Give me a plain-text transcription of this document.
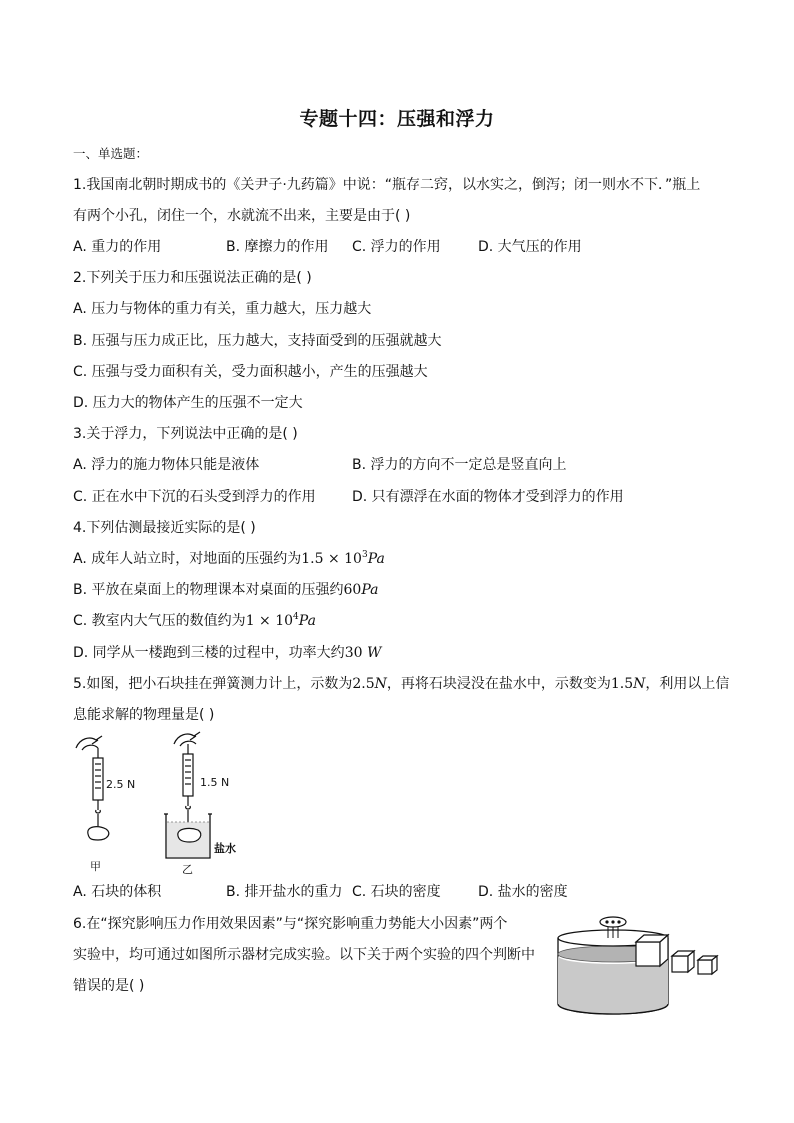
专题十四：压强和浮力
一、单选题：
1.我国南北朝时期成书的《关尹子·九药篇》中说：“瓶存二窍，以水实之，倒泻；闭一则水不下．”瓶上
有两个小孔，闭住一个，水就流不出来，主要是由于( )
A. 重力的作用	B. 摩擦力的作用 C. 浮力的作用	D. 大气压的作用
2.下列关于压力和压强说法正确的是( )
A. 压力与物体的重力有关，重力越大，压力越大
B. 压强与压力成正比，压力越大，支持面受到的压强就越大
C. 压强与受力面积有关，受力面积越小，产生的压强越大
D. 压力大的物体产生的压强不一定大
3.关于浮力，下列说法中正确的是( )
A. 浮力的施力物体只能是液体	B. 浮力的方向不一定总是竖直向上
C. 正在水中下沉的石头受到浮力的作用	D. 只有漂浮在水面的物体才受到浮力的作用
4.下列估测最接近实际的是( )
A. 成年人站立时，对地面的压强约为$1.5 \times 10^3Pa$
B. 平放在桌面上的物理课本对桌面的压强约60Pa
C. 教室内大气压的数值约为$1 \times 10^4Pa$
D. 同学从一楼跑到三楼的过程中，功率大约30 W
5.如图，把小石块挂在弹簧测力计上，示数为2.5N，再将石块浸没在盐水中，示数变为1.5N，利用以上信
息能求解的物理量是( )
2.5 N
甲
1.5 N
乙
盐水
A. 石块的体积	B. 排开盐水的重力 C. 石块的密度	D. 盐水的密度
6.在“探究影响压力作用效果因素”与“探究影响重力势能大小因素”两个
实验中，均可通过如图所示器材完成实验。以下关于两个实验的四个判断中
错误的是( )
